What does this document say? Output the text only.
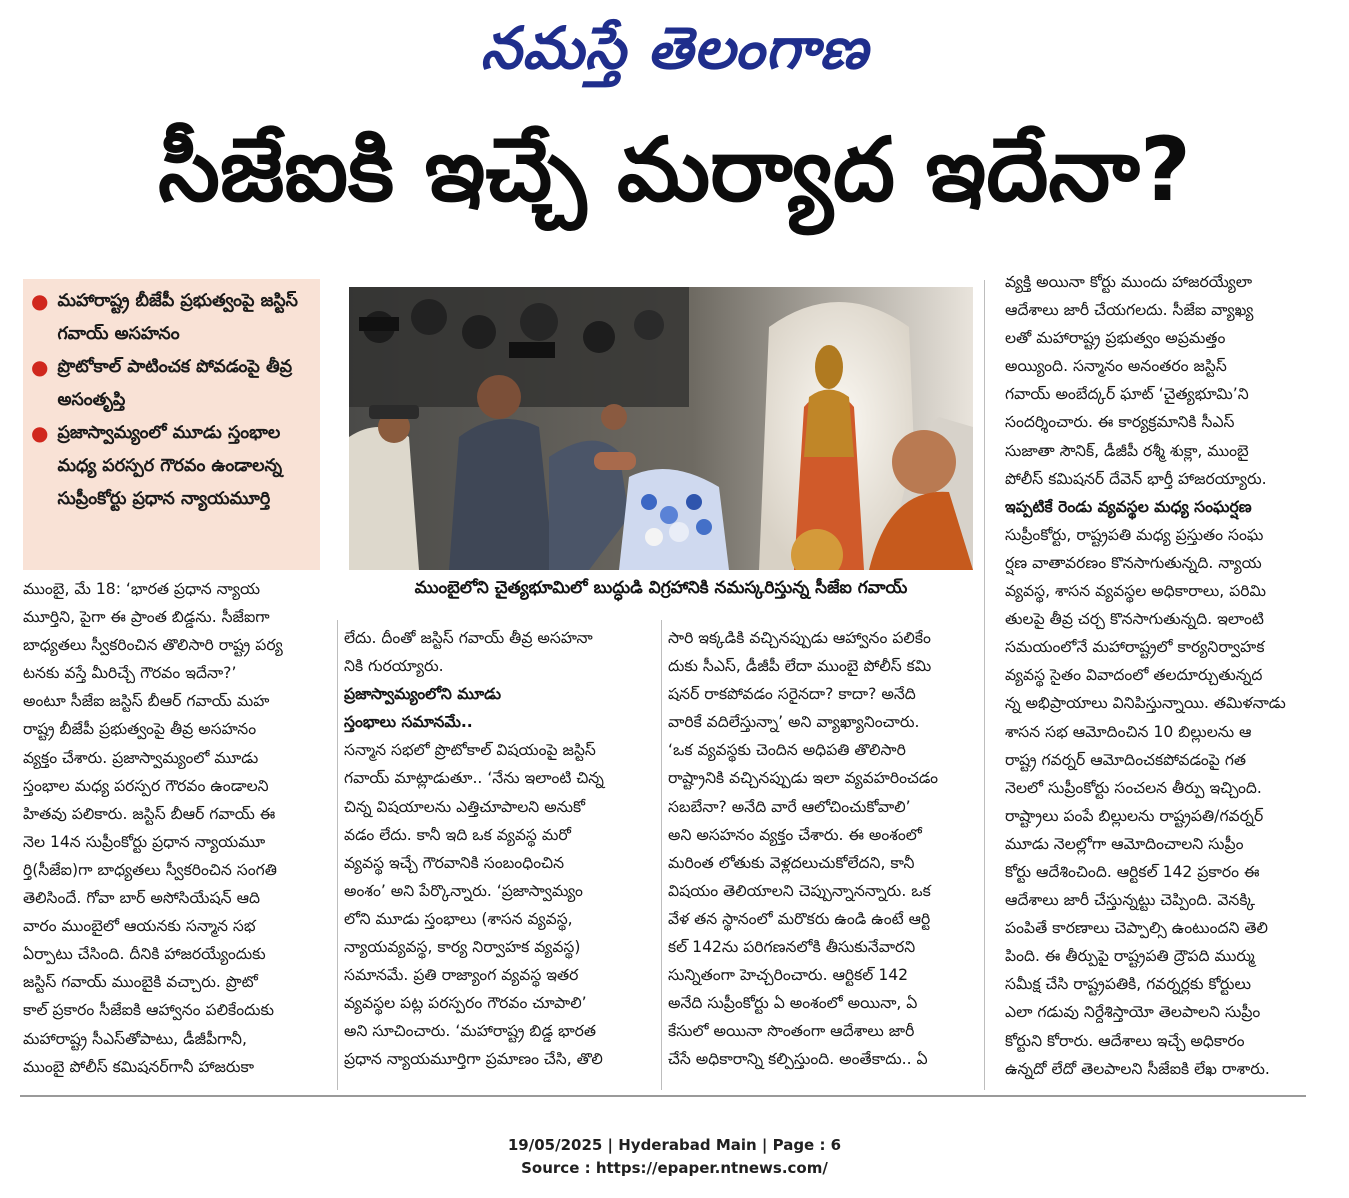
నమస్తే తెలంగాణ
సీజేఐకి ఇచ్చే మర్యాద ఇదేనా?
● మహారాష్ట్ర బీజేపీ ప్రభుత్వంపై జస్టిస్ గవాయ్ అసహనం
● ప్రొటోకాల్ పాటించక పోవడంపై తీవ్ర అసంతృప్తి
● ప్రజాస్వామ్యంలో మూడు స్తంభాల మధ్య పరస్పర గౌరవం ఉండాలన్న సుప్రీంకోర్టు ప్రధాన న్యాయమూర్తి
ముంబైలోని చైత్యభూమిలో బుద్ధుడి విగ్రహానికి నమస్కరిస్తున్న సీజేఐ గవాయ్
ముంబై, మే 18: ‘భారత ప్రధాన న్యాయ
మూర్తిని, పైగా ఈ ప్రాంత బిడ్డను. సీజేఐగా
బాధ్యతలు స్వీకరించిన తొలిసారి రాష్ట్ర పర్య
టనకు వస్తే మీరిచ్చే గౌరవం ఇదేనా?’
అంటూ సీజేఐ జస్టిస్ బీఆర్ గవాయ్ మహ
రాష్ట్ర బీజేపీ ప్రభుత్వంపై తీవ్ర అసహనం
వ్యక్తం చేశారు. ప్రజాస్వామ్యంలో మూడు
స్తంభాల మధ్య పరస్పర గౌరవం ఉండాలని
హితవు పలికారు. జస్టిస్ బీఆర్ గవాయ్ ఈ
నెల 14న సుప్రీంకోర్టు ప్రధాన న్యాయమూ
ర్తి(సీజేఐ)గా బాధ్యతలు స్వీకరించిన సంగతి
తెలిసిందే. గోవా బార్ అసోసియేషన్ ఆది
వారం ముంబైలో ఆయనకు సన్మాన సభ
ఏర్పాటు చేసింది. దీనికి హాజరయ్యేందుకు
జస్టిస్ గవాయ్ ముంబైకి వచ్చారు. ప్రొటో
కాల్ ప్రకారం సీజేఐకి ఆహ్వానం పలికేందుకు
మహారాష్ట్ర సీఎస్‌తోపాటు, డీజీపీగానీ,
ముంబై పోలీస్ కమిషనర్‌గానీ హాజరుకా
లేదు. దీంతో జస్టిస్ గవాయ్ తీవ్ర అసహనా
నికి గురయ్యారు.
ప్రజాస్వామ్యంలోని మూడు
స్తంభాలు సమానమే..
సన్మాన సభలో ప్రొటోకాల్ విషయంపై జస్టిస్
గవాయ్ మాట్లాడుతూ.. ‘నేను ఇలాంటి చిన్న
చిన్న విషయాలను ఎత్తిచూపాలని అనుకో
వడం లేదు. కానీ ఇది ఒక వ్యవస్థ మరో
వ్యవస్థ ఇచ్చే గౌరవానికి సంబంధించిన
అంశం’ అని పేర్కొన్నారు. ‘ప్రజాస్వామ్యం
లోని మూడు స్తంభాలు (శాసన వ్యవస్థ,
న్యాయవ్యవస్థ, కార్య నిర్వాహక వ్యవస్థ)
సమానమే. ప్రతి రాజ్యాంగ వ్యవస్థ ఇతర
వ్యవస్థల పట్ల పరస్పరం గౌరవం చూపాలి’
అని సూచించారు. ‘మహారాష్ట్ర బిడ్డ భారత
ప్రధాన న్యాయమూర్తిగా ప్రమాణం చేసి, తొలి
సారి ఇక్కడికి వచ్చినప్పుడు ఆహ్వానం పలికేం
దుకు సీఎస్, డీజీపీ లేదా ముంబై పోలీస్ కమి
షనర్ రాకపోవడం సరైనదా? కాదా? అనేది
వారికే వదిలేస్తున్నా’ అని వ్యాఖ్యానించారు.
‘ఒక వ్యవస్థకు చెందిన అధిపతి తొలిసారి
రాష్ట్రానికి వచ్చినప్పుడు ఇలా వ్యవహరించడం
సబబేనా? అనేది వారే ఆలోచించుకోవాలి’
అని అసహనం వ్యక్తం చేశారు. ఈ అంశంలో
మరింత లోతుకు వెళ్లదలుచుకోలేదని, కానీ
విషయం తెలియాలని చెప్పున్నానన్నారు. ఒక
వేళ తన స్థానంలో మరొకరు ఉండి ఉంటే ఆర్టి
కల్ 142ను పరిగణనలోకి తీసుకునేవారని
సున్నితంగా హెచ్చరించారు. ఆర్టికల్ 142
అనేది సుప్రీంకోర్టు ఏ అంశంలో అయినా, ఏ
కేసులో అయినా సొంతంగా ఆదేశాలు జారీ
చేసే అధికారాన్ని కల్పిస్తుంది. అంతేకాదు.. ఏ
వ్యక్తి అయినా కోర్టు ముందు హాజరయ్యేలా
ఆదేశాలు జారీ చేయగలదు. సీజేఐ వ్యాఖ్య
లతో మహారాష్ట్ర ప్రభుత్వం అప్రమత్తం
అయ్యింది. సన్మానం అనంతరం జస్టిస్
గవాయ్ అంబేద్కర్ ఘాట్ ‘చైత్యభూమి’ని
సందర్శించారు. ఈ కార్యక్రమానికి సీఎస్
సుజాతా సౌనిక్, డీజీపీ రశ్మీ శుక్లా, ముంబై
పోలీస్ కమిషనర్ దేవెన్ భార్తీ హాజరయ్యారు.
ఇప్పటికే రెండు వ్యవస్థల మధ్య సంఘర్షణ
సుప్రీంకోర్టు, రాష్ట్రపతి మధ్య ప్రస్తుతం సంఘ
ర్షణ వాతావరణం కొనసాగుతున్నది. న్యాయ
వ్యవస్థ, శాసన వ్యవస్థల అధికారాలు, పరిమి
తులపై తీవ్ర చర్చ కొనసాగుతున్నది. ఇలాంటి
సమయంలోనే మహారాష్ట్రలో కార్యనిర్వాహక
వ్యవస్థ సైతం వివాదంలో తలదూర్చుతున్నద
న్న అభిప్రాయాలు వినిపిస్తున్నాయి. తమిళనాడు
శాసన సభ ఆమోదించిన 10 బిల్లులను ఆ
రాష్ట్ర గవర్నర్ ఆమోదించకపోవడంపై గత
నెలలో సుప్రీంకోర్టు సంచలన తీర్పు ఇచ్చింది.
రాష్ట్రాలు పంపే బిల్లులను రాష్ట్రపతి/గవర్నర్
మూడు నెలల్లోగా ఆమోదించాలని సుప్రీం
కోర్టు ఆదేశించింది. ఆర్టికల్ 142 ప్రకారం ఈ
ఆదేశాలు జారీ చేస్తున్నట్టు చెప్పింది. వెనక్కి
పంపితే కారణాలు చెప్పాల్సి ఉంటుందని తెలి
పింది. ఈ తీర్పుపై రాష్ట్రపతి ద్రౌపది ముర్ము
సమీక్ష చేసి రాష్ట్రపతికి, గవర్నర్లకు కోర్టులు
ఎలా గడువు నిర్దేశిస్తాయో తెలపాలని సుప్రీం
కోర్టుని కోరారు. ఆదేశాలు ఇచ్చే అధికారం
ఉన్నదో లేదో తెలపాలని సీజేఐకి లేఖ రాశారు.
19/05/2025 | Hyderabad Main | Page : 6
Source : https://epaper.ntnews.com/
